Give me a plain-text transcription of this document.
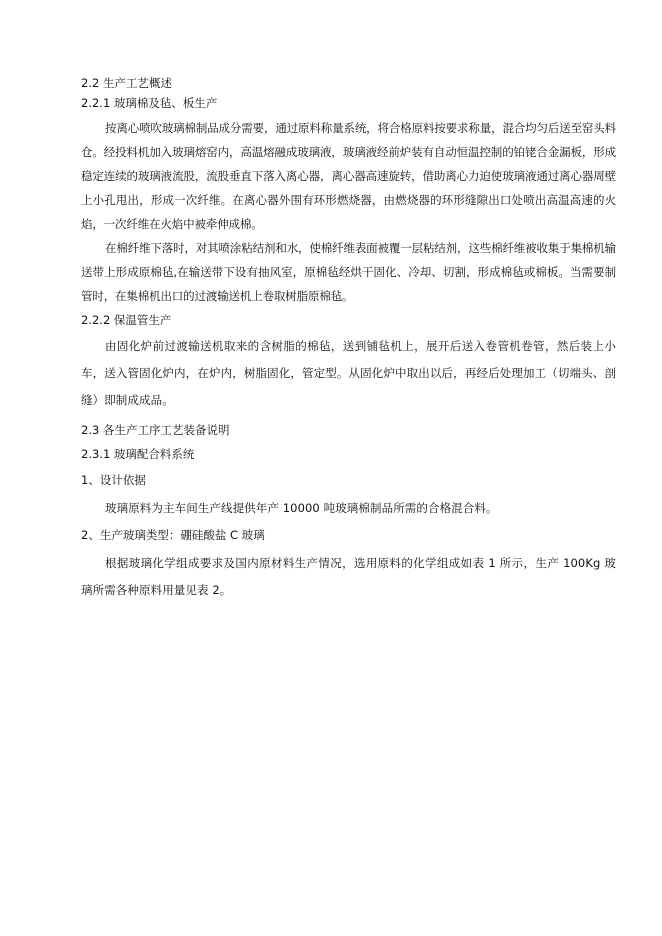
2.2 生产工艺概述
2.2.1 玻璃棉及毡、板生产

按离心喷吹玻璃棉制品成分需要，通过原料称量系统，将合格原料按要求称量，混合均匀后送至窑头料仓。经投料机加入玻璃熔窑内，高温熔融成玻璃液，玻璃液经前炉装有自动恒温控制的铂铑合金漏板，形成稳定连续的玻璃液流股，流股垂直下落入离心器，离心器高速旋转，借助离心力迫使玻璃液通过离心器周壁上小孔甩出，形成一次纤维。在离心器外围有环形燃烧器，由燃烧器的环形缝隙出口处喷出高温高速的火焰，一次纤维在火焰中被牵伸成棉。

在棉纤维下落时，对其喷涂粘结剂和水，使棉纤维表面被覆一层粘结剂，这些棉纤维被收集于集棉机输送带上形成原棉毡,在输送带下设有抽风室，原棉毡经烘干固化、冷却、切割，形成棉毡或棉板。当需要制管时，在集棉机出口的过渡输送机上卷取树脂原棉毡。

2.2.2 保温管生产

由固化炉前过渡输送机取来的含树脂的棉毡，送到铺毡机上，展开后送入卷管机卷管，然后装上小车，送入管固化炉内，在炉内，树脂固化，管定型。从固化炉中取出以后，再经后处理加工（切端头、剖缝）即制成成品。

2.3 各生产工序工艺装备说明
2.3.1 玻璃配合料系统
1、设计依据

玻璃原料为主车间生产线提供年产 10000 吨玻璃棉制品所需的合格混合料。

2、生产玻璃类型：硼硅酸盐 C 玻璃

根据玻璃化学组成要求及国内原材料生产情况，选用原料的化学组成如表 1 所示，生产 100Kg 玻璃所需各种原料用量见表 2。
